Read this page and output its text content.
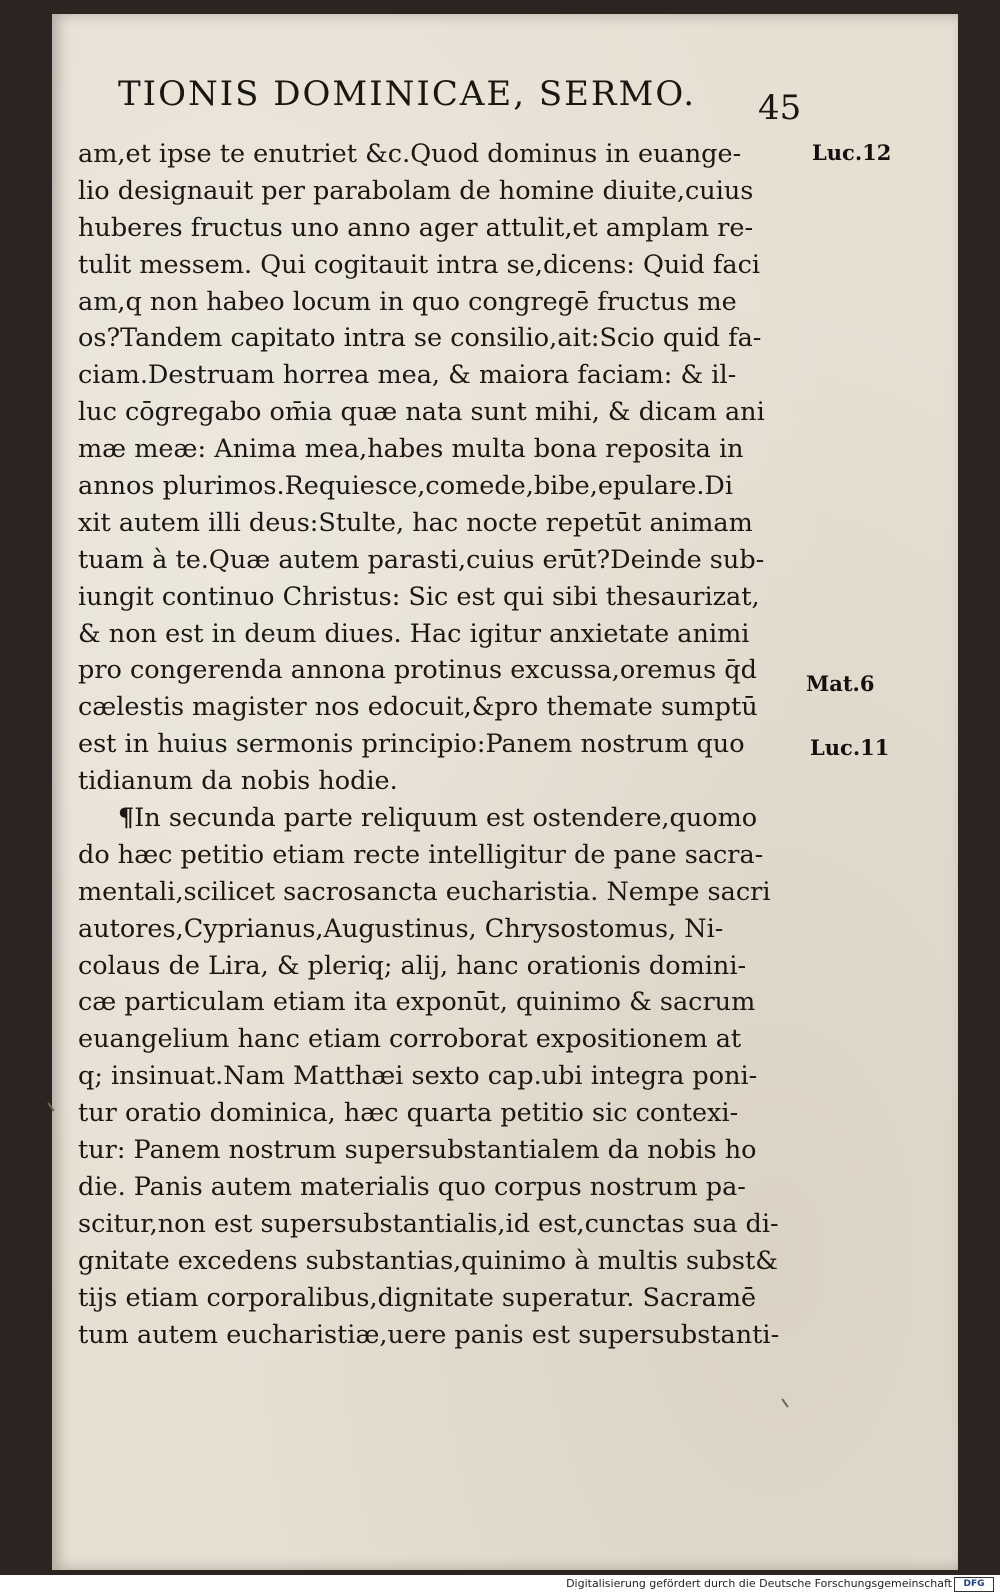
TIONIS DOMINICAE, SERMO.	45
am,et ipse te enutriet &c.Quod dominus in euange-
lio designauit per parabolam de homine diuite,cuius
huberes fructus uno anno ager attulit,et amplam re-
tulit messem. Qui cogitauit intra se,dicens: Quid faci
am,q non habeo locum in quo congregē fructus me
os?Tandem capitato intra se consilio,ait:Scio quid fa-
ciam.Destruam horrea mea, & maiora faciam: & il-
luc cōgregabo om̄ia quæ nata sunt mihi, & dicam ani
mæ meæ: Anima mea,habes multa bona reposita in
annos plurimos.Requiesce,comede,bibe,epulare.Di
xit autem illi deus:Stulte, hac nocte repetūt animam
tuam à te.Quæ autem parasti,cuius erūt?Deinde sub-
iungit continuo Christus: Sic est qui sibi thesaurizat,
& non est in deum diues. Hac igitur anxietate animi
pro congerenda annona protinus excussa,oremus q̄d
cælestis magister nos edocuit,&pro themate sumptū
est in huius sermonis principio:Panem nostrum quo
tidianum da nobis hodie.
¶In secunda parte reliquum est ostendere,quomo
do hæc petitio etiam recte intelligitur de pane sacra-
mentali,scilicet sacrosancta eucharistia. Nempe sacri
autores,Cyprianus,Augustinus, Chrysostomus, Ni-
colaus de Lira, & pleriq; alij, hanc orationis domini-
cæ particulam etiam ita exponūt, quinimo & sacrum
euangelium hanc etiam corroborat expositionem at
q; insinuat.Nam Matthæi sexto cap.ubi integra poni-
tur oratio dominica, hæc quarta petitio sic contexi-
tur: Panem nostrum supersubstantialem da nobis ho
die. Panis autem materialis quo corpus nostrum pa-
scitur,non est supersubstantialis,id est,cunctas sua di-
gnitate excedens substantias,quinimo à multis subst&
tijs etiam corporalibus,dignitate superatur. Sacramē
tum autem eucharistiæ,uere panis est supersubstanti-
Luc.12
Mat.6
Luc.11
Digitalisierung gefördert durch die Deutsche Forschungsgemeinschaft	DFG
